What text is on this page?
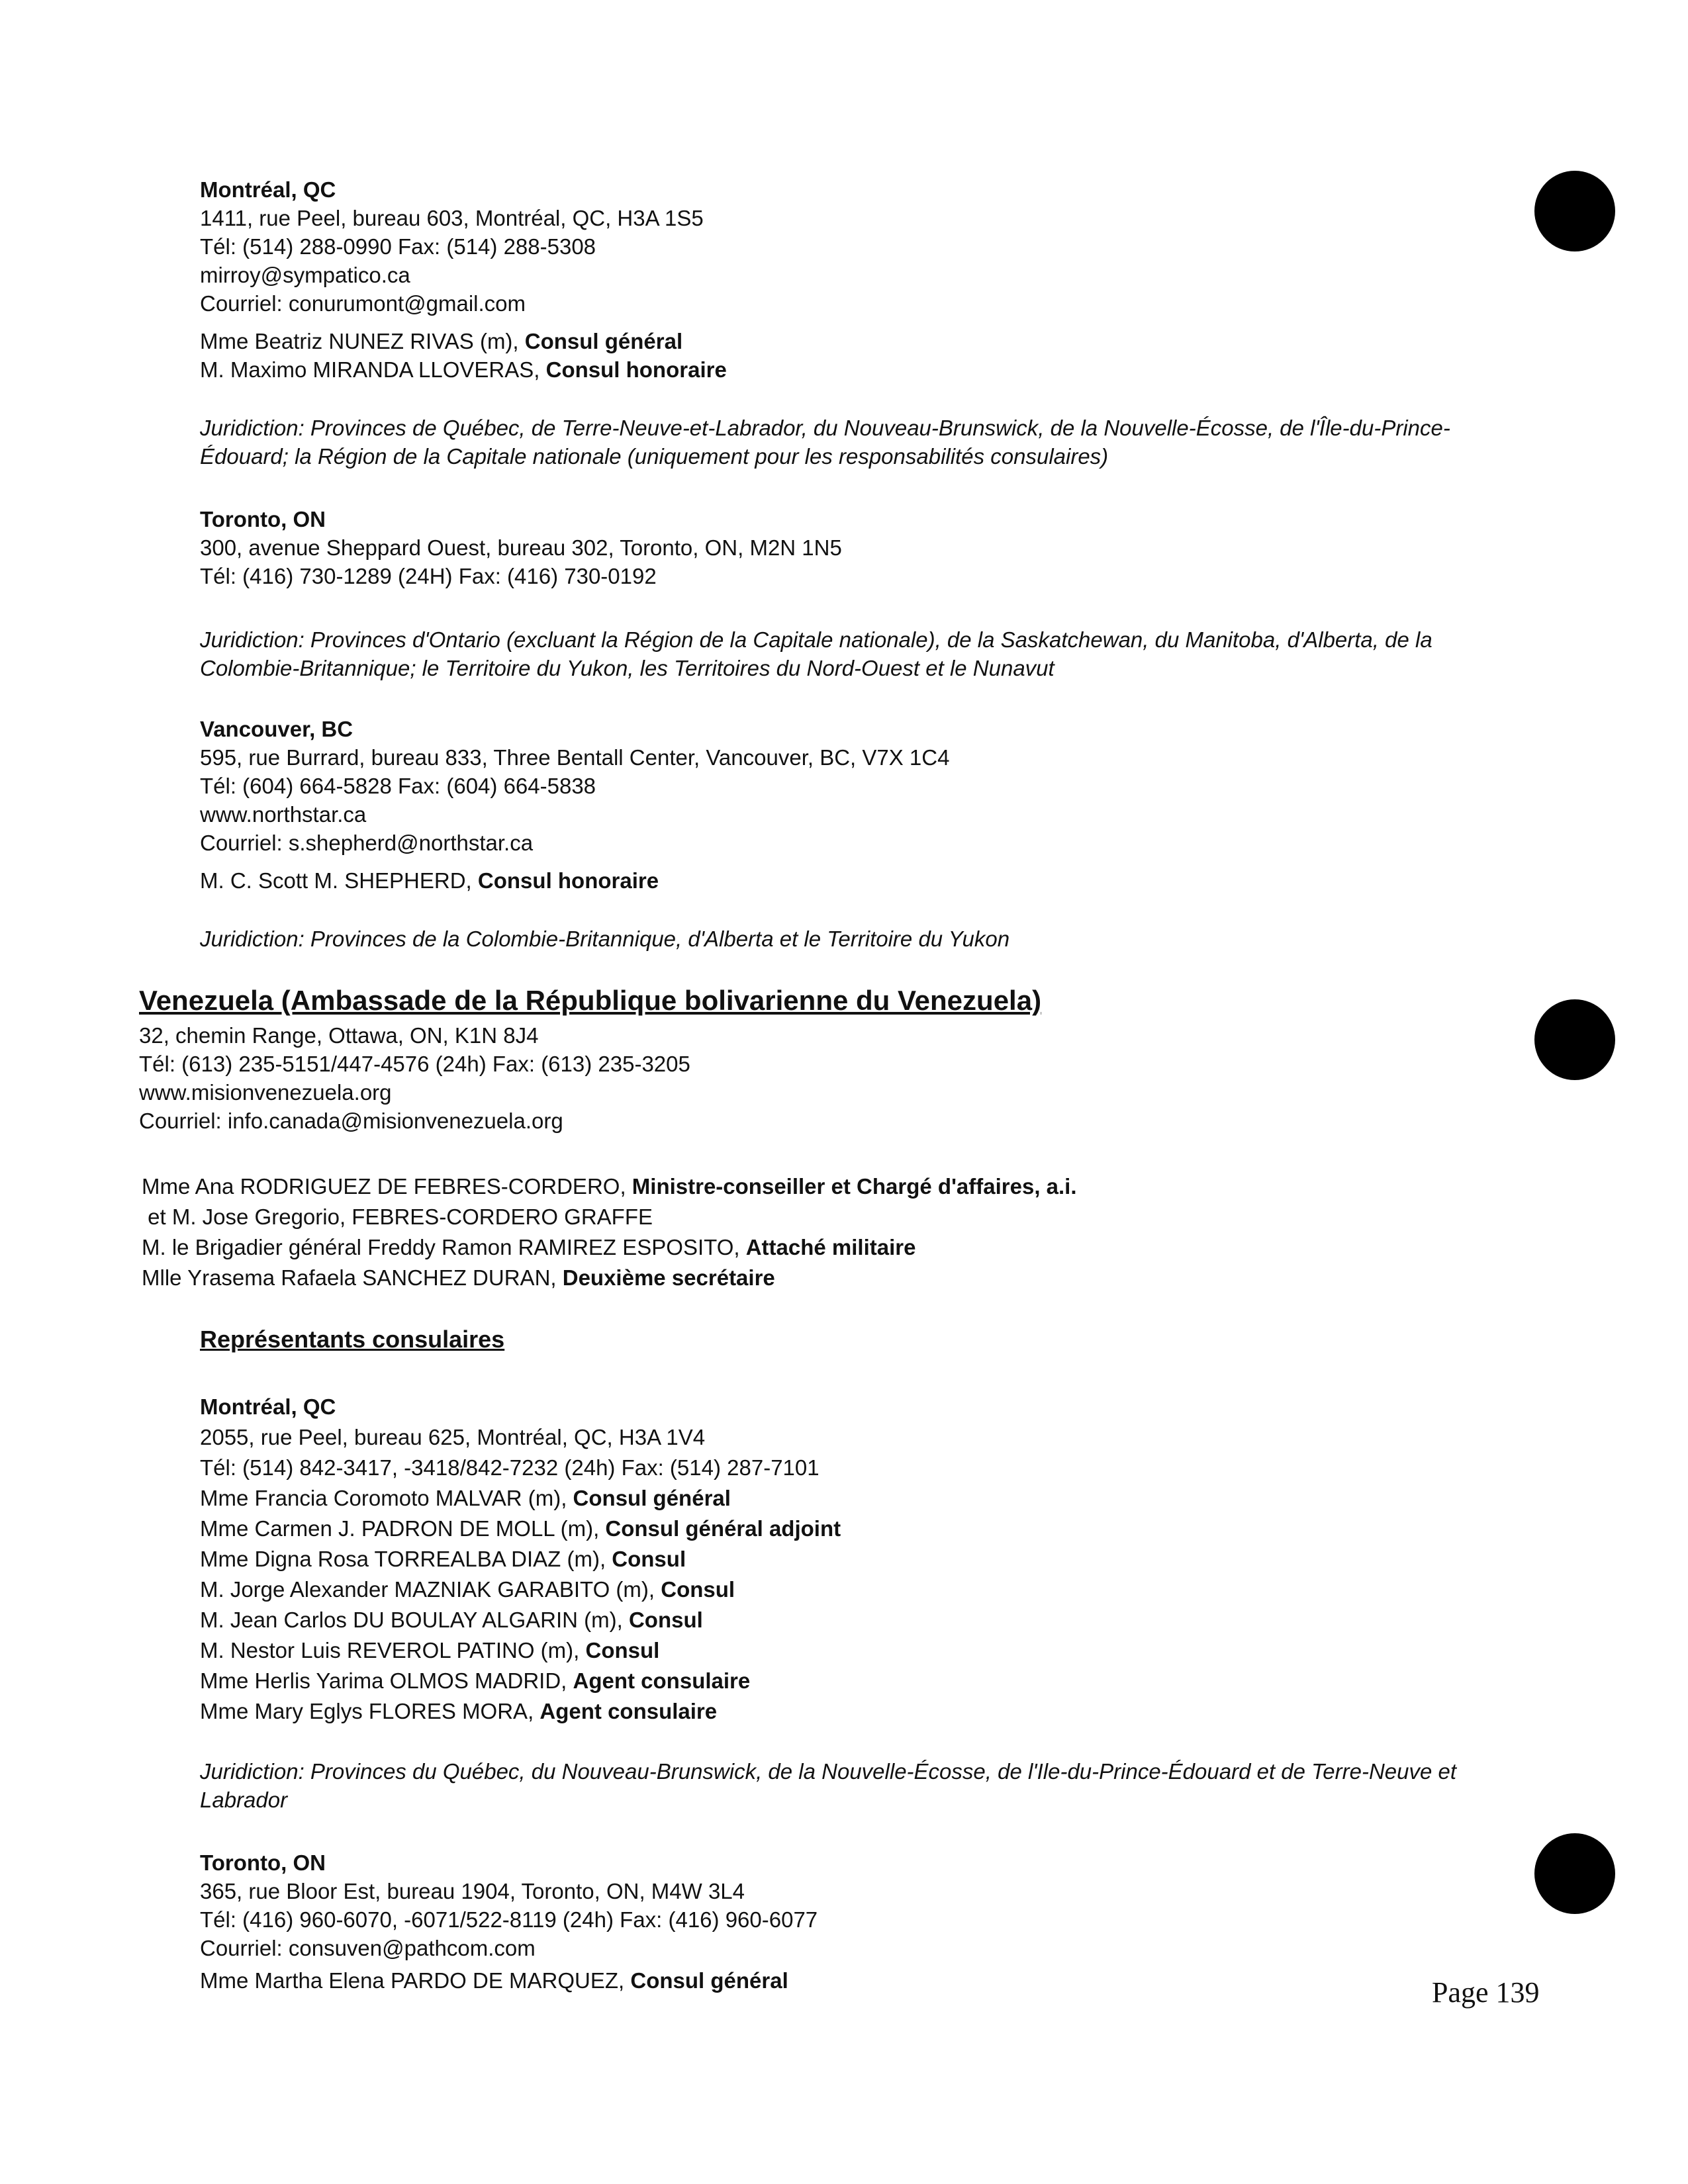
Montréal, QC
1411, rue Peel, bureau 603, Montréal, QC, H3A 1S5
Tél: (514) 288-0990 Fax: (514) 288-5308
mirroy@sympatico.ca
Courriel: conurumont@gmail.com
Mme Beatriz NUNEZ RIVAS (m), Consul général
M. Maximo MIRANDA LLOVERAS, Consul honoraire
Juridiction: Provinces de Québec, de Terre-Neuve-et-Labrador, du Nouveau-Brunswick, de la Nouvelle-Écosse, de l'Île-du-Prince-Édouard; la Région de la Capitale nationale (uniquement pour les responsabilités consulaires)
Toronto, ON
300, avenue Sheppard Ouest, bureau 302, Toronto, ON, M2N 1N5
Tél: (416) 730-1289 (24H) Fax: (416) 730-0192
Juridiction: Provinces d'Ontario (excluant la Région de la Capitale nationale), de la Saskatchewan, du Manitoba, d'Alberta, de la Colombie-Britannique; le Territoire du Yukon, les Territoires du Nord-Ouest et le Nunavut
Vancouver, BC
595, rue Burrard, bureau 833, Three Bentall Center, Vancouver, BC, V7X 1C4
Tél: (604) 664-5828 Fax: (604) 664-5838
www.northstar.ca
Courriel: s.shepherd@northstar.ca
M. C. Scott M. SHEPHERD, Consul honoraire
Juridiction: Provinces de la Colombie-Britannique, d'Alberta et le Territoire du Yukon
Venezuela (Ambassade de la République bolivarienne du Venezuela)
32, chemin Range, Ottawa, ON, K1N 8J4
Tél: (613) 235-5151/447-4576 (24h) Fax: (613) 235-3205
www.misionvenezuela.org
Courriel: info.canada@misionvenezuela.org
Mme Ana RODRIGUEZ DE FEBRES-CORDERO, Ministre-conseiller et Chargé d'affaires, a.i.
et M. Jose Gregorio, FEBRES-CORDERO GRAFFE
M. le Brigadier général Freddy Ramon RAMIREZ ESPOSITO, Attaché militaire
Mlle Yrasema Rafaela SANCHEZ DURAN, Deuxième secrétaire
Représentants consulaires
Montréal, QC
2055, rue Peel, bureau 625, Montréal, QC, H3A 1V4
Tél: (514) 842-3417, -3418/842-7232 (24h) Fax: (514) 287-7101
Mme Francia Coromoto MALVAR (m), Consul général
Mme Carmen J. PADRON DE MOLL (m), Consul général adjoint
Mme Digna Rosa TORREALBA DIAZ (m), Consul
M. Jorge Alexander MAZNIAK GARABITO (m), Consul
M. Jean Carlos DU BOULAY ALGARIN (m), Consul
M. Nestor Luis REVEROL PATINO (m), Consul
Mme Herlis Yarima OLMOS MADRID, Agent consulaire
Mme Mary Eglys FLORES MORA, Agent consulaire
Juridiction: Provinces du Québec, du Nouveau-Brunswick, de la Nouvelle-Écosse, de l'Ile-du-Prince-Édouard et de Terre-Neuve et Labrador
Toronto, ON
365, rue Bloor Est, bureau 1904, Toronto, ON, M4W 3L4
Tél: (416) 960-6070, -6071/522-8119 (24h) Fax: (416) 960-6077
Courriel: consuven@pathcom.com
Mme Martha Elena PARDO DE MARQUEZ, Consul général	Page 139
